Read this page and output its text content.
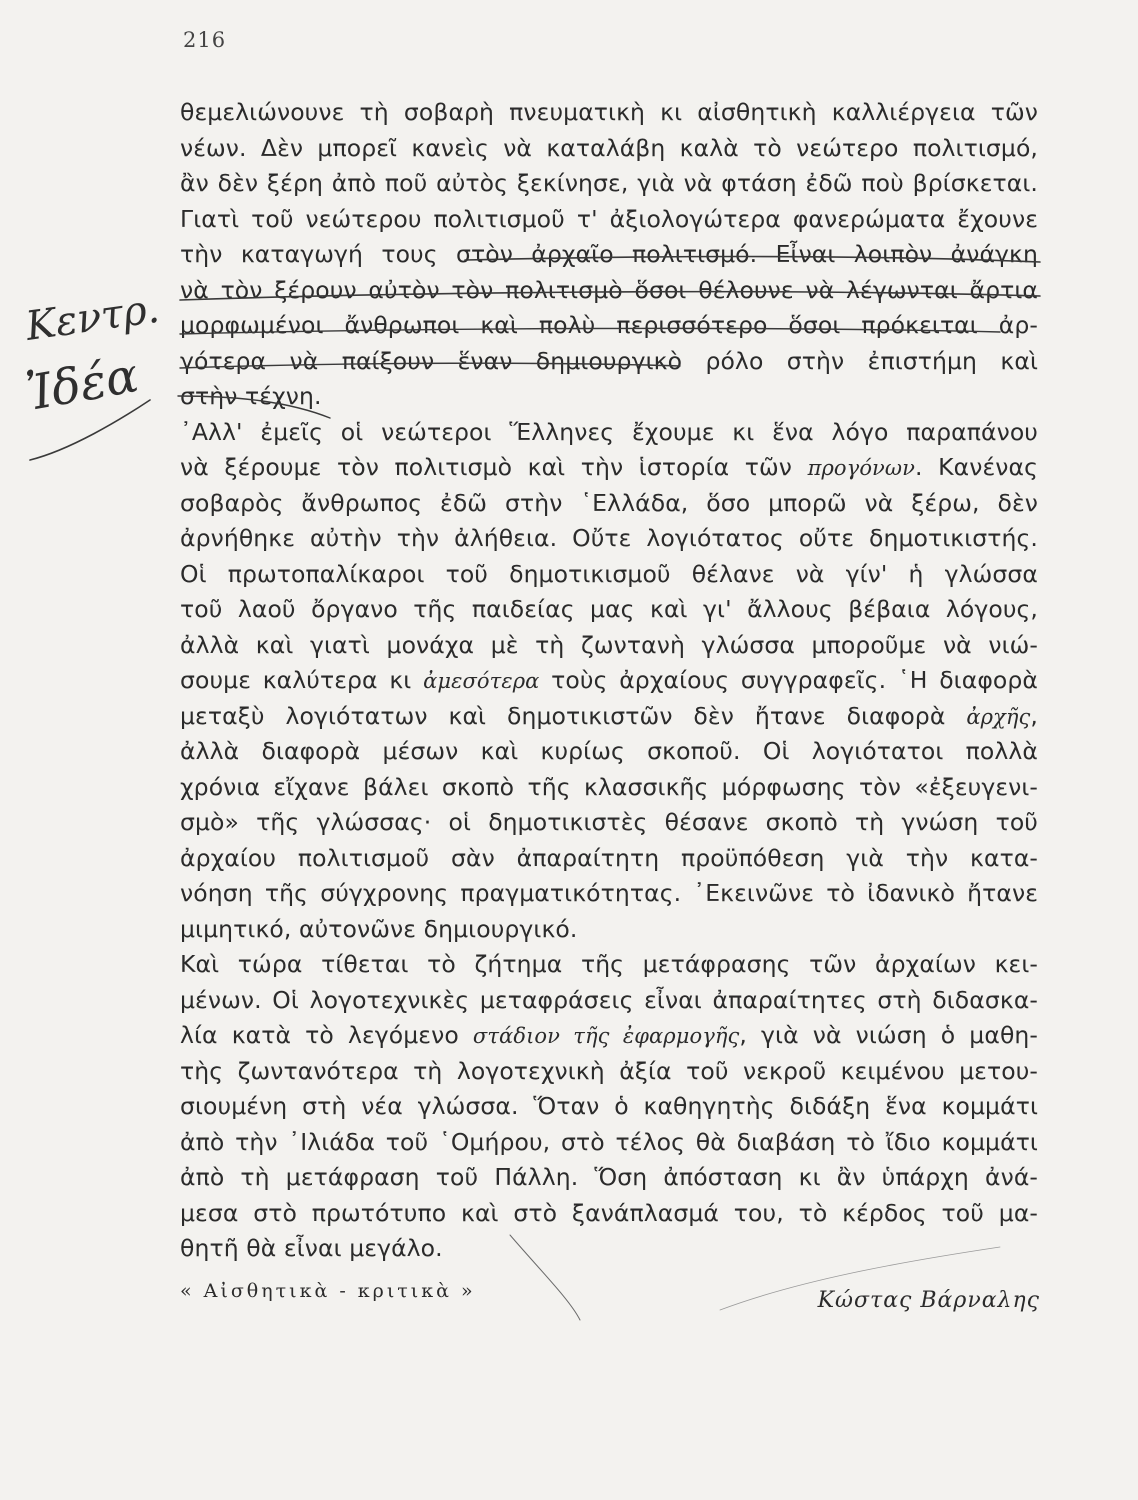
216
θεμελιώνουνε τὴ σοβαρὴ πνευματικὴ κι αἰσθητικὴ καλλιέργεια τῶν
νέων. Δὲν μπορεῖ κανεὶς νὰ καταλάβη καλὰ τὸ νεώτερο πολιτισμό,
ἂν δὲν ξέρη ἀπὸ ποῦ αὐτὸς ξεκίνησε, γιὰ νὰ φτάση ἐδῶ ποὺ βρίσκεται.
Γιατὶ τοῦ νεώτερου πολιτισμοῦ τ' ἀξιολογώτερα φανερώματα ἔχουνε
τὴν καταγωγή τους στὸν ἀρχαῖο πολιτισμό. Εἶναι λοιπὸν ἀνάγκη
νὰ τὸν ξέρουν αὐτὸν τὸν πολιτισμὸ ὅσοι θέλουνε νὰ λέγωνται ἄρτια
μορφωμένοι ἄνθρωποι καὶ πολὺ περισσότερο ὅσοι πρόκειται ἀρ-
γότερα νὰ παίξουν ἕναν δημιουργικὸ ρόλο στὴν ἐπιστήμη καὶ
στὴν τέχνη.
᾿Αλλ' ἐμεῖς οἱ νεώτεροι Ἕλληνες ἔχουμε κι ἕνα λόγο παραπάνου
νὰ ξέρουμε τὸν πολιτισμὸ καὶ τὴν ἱστορία τῶν προγόνων. Κανένας
σοβαρὸς ἄνθρωπος ἐδῶ στὴν ῾Ελλάδα, ὅσο μπορῶ νὰ ξέρω, δὲν
ἀρνήθηκε αὐτὴν τὴν ἀλήθεια. Οὔτε λογιότατος οὔτε δημοτικιστής.
Οἱ πρωτοπαλίκαροι τοῦ δημοτικισμοῦ θέλανε νὰ γίν' ἡ γλώσσα
τοῦ λαοῦ ὄργανο τῆς παιδείας μας καὶ γι' ἄλλους βέβαια λόγους,
ἀλλὰ καὶ γιατὶ μονάχα μὲ τὴ ζωντανὴ γλώσσα μποροῦμε νὰ νιώ-
σουμε καλύτερα κι ἀμεσότερα τοὺς ἀρχαίους συγγραφεῖς. ῾Η διαφορὰ
μεταξὺ λογιότατων καὶ δημοτικιστῶν δὲν ἤτανε διαφορὰ ἀρχῆς,
ἀλλὰ διαφορὰ μέσων καὶ κυρίως σκοποῦ. Οἱ λογιότατοι πολλὰ
χρόνια εἴχανε βάλει σκοπὸ τῆς κλασσικῆς μόρφωσης τὸν «ἐξευγενι-
σμὸ» τῆς γλώσσας· οἱ δημοτικιστὲς θέσανε σκοπὸ τὴ γνώση τοῦ
ἀρχαίου πολιτισμοῦ σὰν ἀπαραίτητη προϋπόθεση γιὰ τὴν κατα-
νόηση τῆς σύγχρονης πραγματικότητας. ᾿Εκεινῶνε τὸ ἰδανικὸ ἤτανε
μιμητικό, αὐτονῶνε δημιουργικό.
Καὶ τώρα τίθεται τὸ ζήτημα τῆς μετάφρασης τῶν ἀρχαίων κει-
μένων. Οἱ λογοτεχνικὲς μεταφράσεις εἶναι ἀπαραίτητες στὴ διδασκα-
λία κατὰ τὸ λεγόμενο στάδιον τῆς ἐφαρμογῆς, γιὰ νὰ νιώση ὁ μαθη-
τὴς ζωντανότερα τὴ λογοτεχνικὴ ἀξία τοῦ νεκροῦ κειμένου μετου-
σιουμένη στὴ νέα γλώσσα. Ὅταν ὁ καθηγητὴς διδάξη ἕνα κομμάτι
ἀπὸ τὴν ᾿Ιλιάδα τοῦ ῾Ομήρου, στὸ τέλος θὰ διαβάση τὸ ἴδιο κομμάτι
ἀπὸ τὴ μετάφραση τοῦ Πάλλη. Ὅση ἀπόσταση κι ἂν ὑπάρχη ἀνά-
μεσα στὸ πρωτότυπο καὶ στὸ ξανάπλασμά του, τὸ κέρδος τοῦ μα-
θητῆ θὰ εἶναι μεγάλο.
« Αἰσθητικὰ - κριτικὰ »	Κώστας Βάρναλης
Κεντρ.
Ἰδέα
